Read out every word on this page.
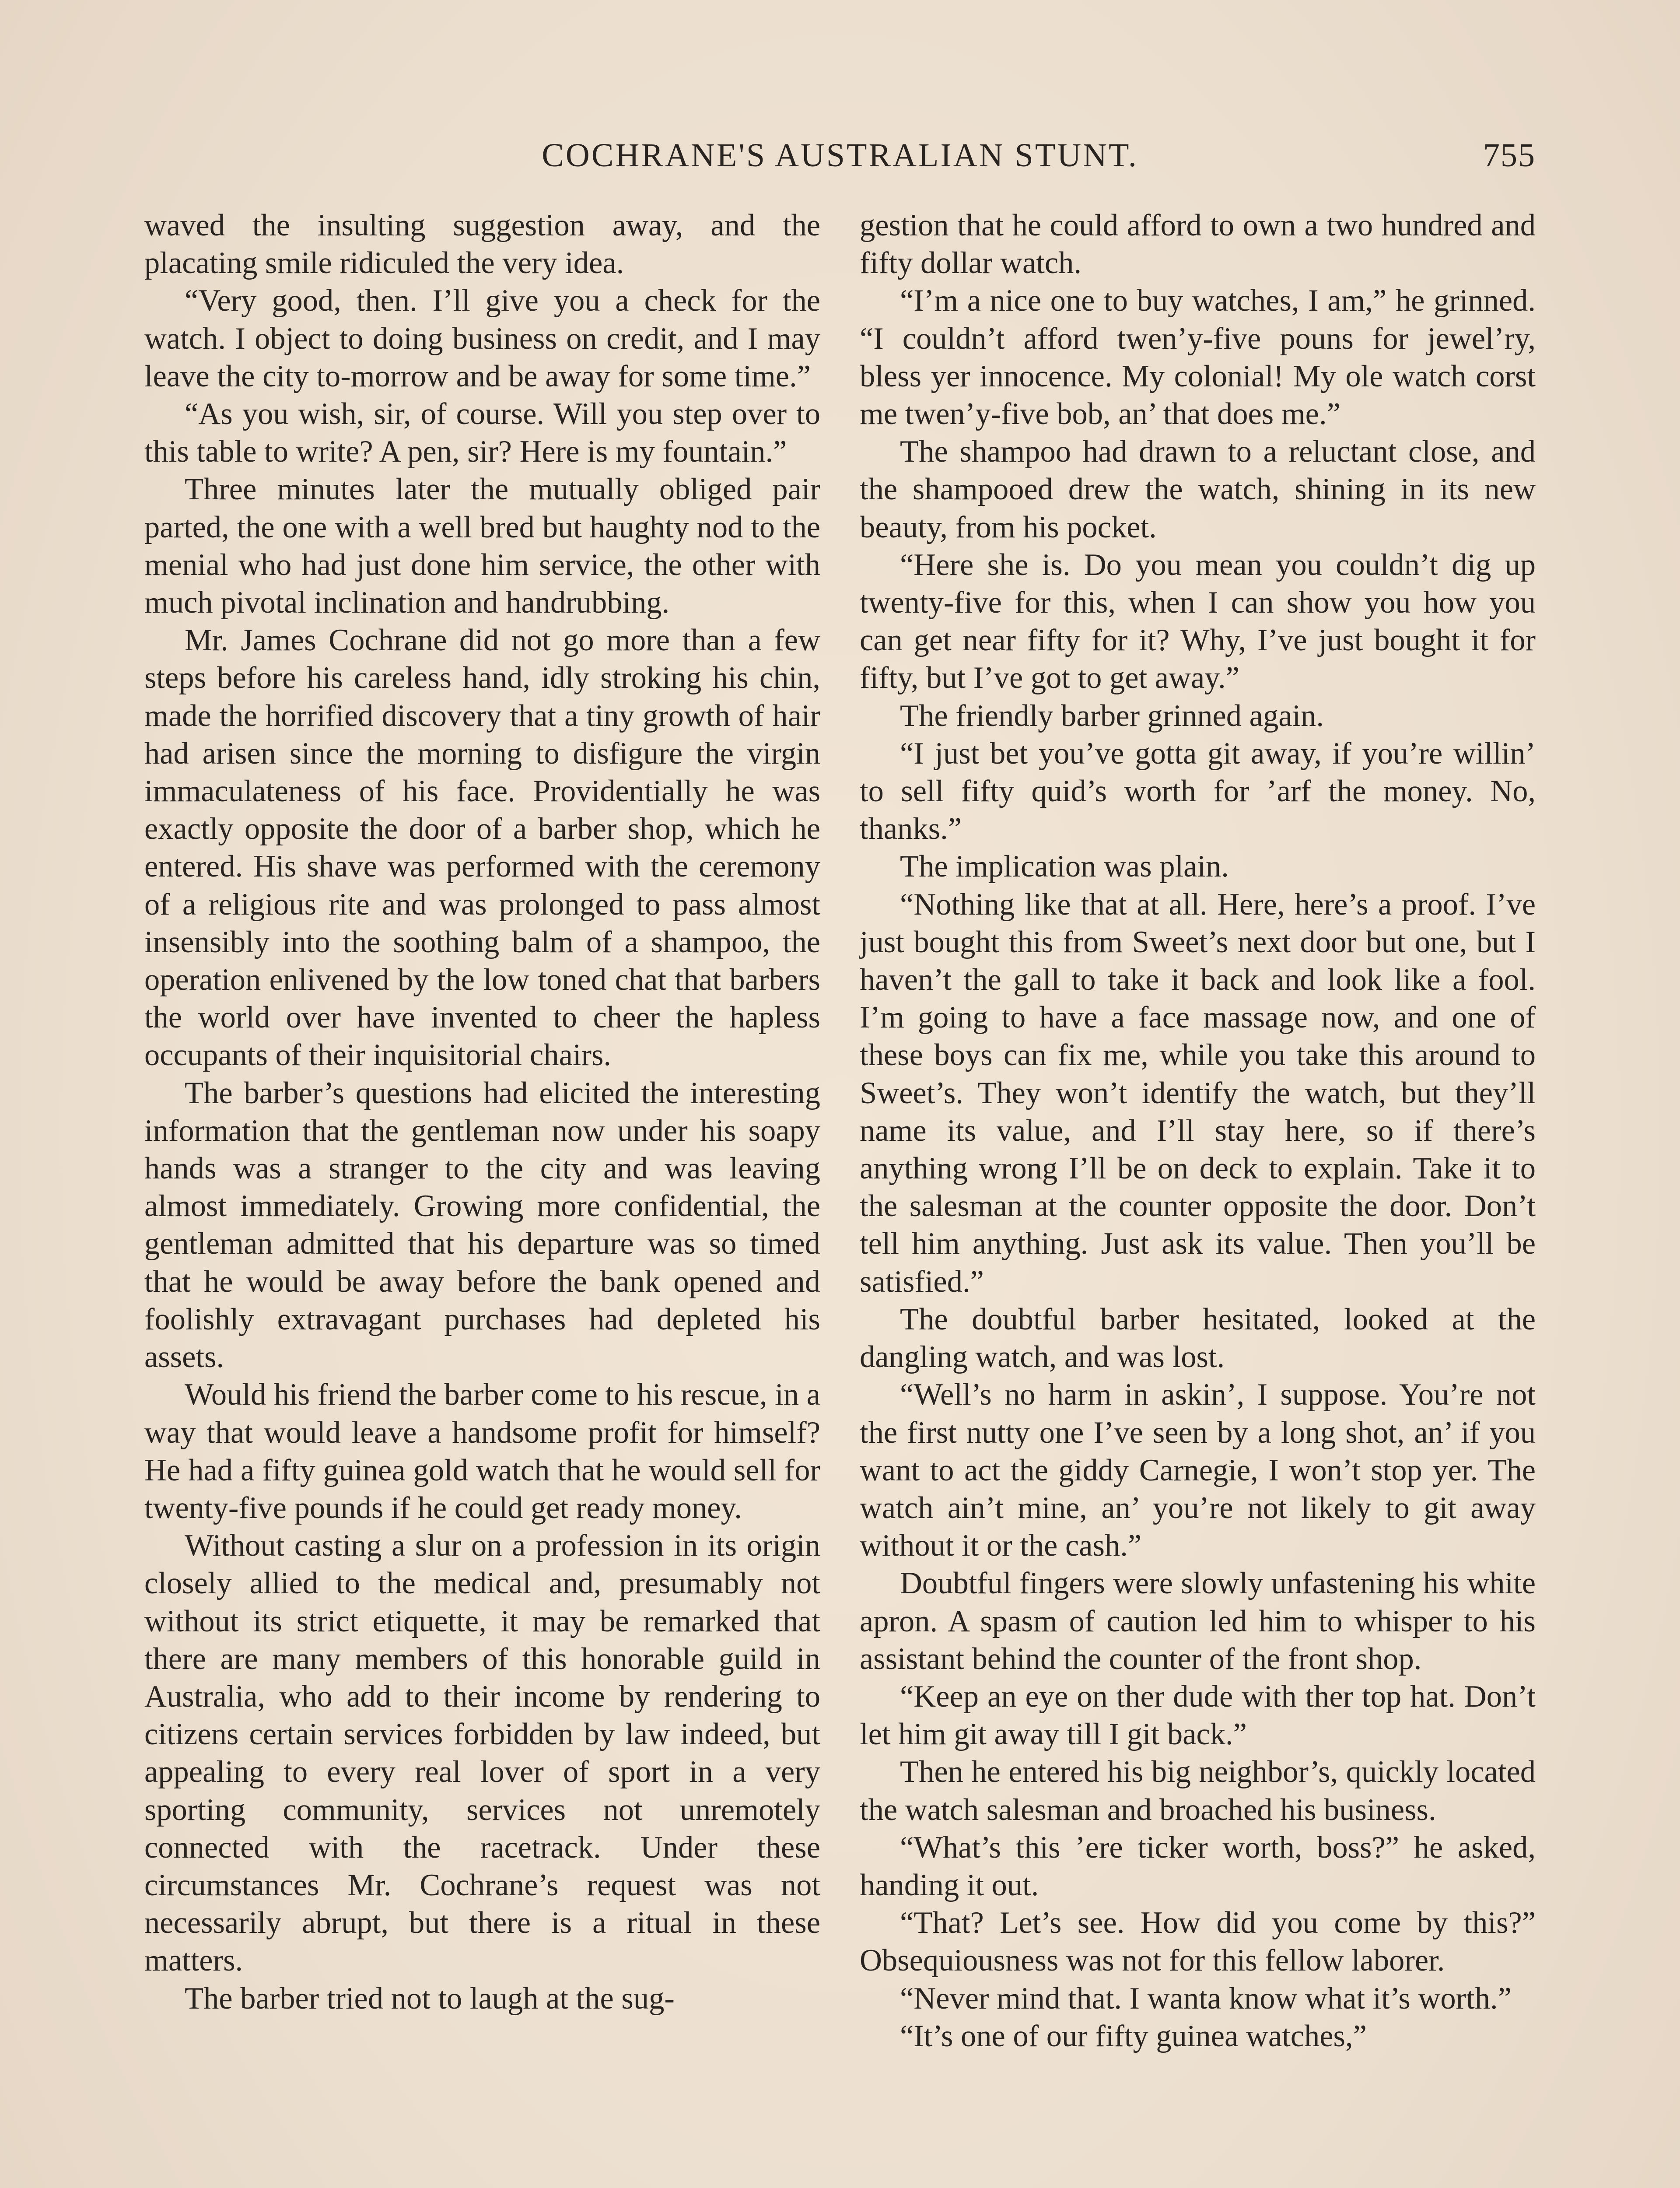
COCHRANE'S AUSTRALIAN STUNT.	755

waved the insulting suggestion away, and the placating smile ridiculed the very idea.

“Very good, then. I’ll give you a check for the watch. I object to doing business on credit, and I may leave the city to-morrow and be away for some time.”

“As you wish, sir, of course. Will you step over to this table to write? A pen, sir? Here is my fountain.”

Three minutes later the mutually obliged pair parted, the one with a well bred but haughty nod to the menial who had just done him service, the other with much pivotal inclination and handrubbing.

Mr. James Cochrane did not go more than a few steps before his careless hand, idly stroking his chin, made the horrified discovery that a tiny growth of hair had arisen since the morning to disfigure the virgin immaculateness of his face. Providentially he was exactly opposite the door of a barber shop, which he entered. His shave was performed with the ceremony of a religious rite and was prolonged to pass almost insensibly into the soothing balm of a shampoo, the operation enlivened by the low toned chat that barbers the world over have invented to cheer the hapless occupants of their inquisitorial chairs.

The barber’s questions had elicited the interesting information that the gentleman now under his soapy hands was a stranger to the city and was leaving almost immediately. Growing more confidential, the gentleman admitted that his departure was so timed that he would be away before the bank opened and foolishly extravagant purchases had depleted his assets.

Would his friend the barber come to his rescue, in a way that would leave a handsome profit for himself? He had a fifty guinea gold watch that he would sell for twenty-five pounds if he could get ready money.

Without casting a slur on a profession in its origin closely allied to the medical and, presumably not without its strict etiquette, it may be remarked that there are many members of this honorable guild in Australia, who add to their income by rendering to citizens certain services forbidden by law indeed, but appealing to every real lover of sport in a very sporting community, services not unremotely connected with the racetrack. Under these circumstances Mr. Cochrane’s request was not necessarily abrupt, but there is a ritual in these matters.

The barber tried not to laugh at the sug-

gestion that he could afford to own a two hundred and fifty dollar watch.

“I’m a nice one to buy watches, I am,” he grinned. “I couldn’t afford twen’y-five pouns for jewel’ry, bless yer innocence. My colonial! My ole watch corst me twen’y-five bob, an’ that does me.”

The shampoo had drawn to a reluctant close, and the shampooed drew the watch, shining in its new beauty, from his pocket.

“Here she is. Do you mean you couldn’t dig up twenty-five for this, when I can show you how you can get near fifty for it? Why, I’ve just bought it for fifty, but I’ve got to get away.”

The friendly barber grinned again.

“I just bet you’ve gotta git away, if you’re willin’ to sell fifty quid’s worth for ’arf the money. No, thanks.”

The implication was plain.

“Nothing like that at all. Here, here’s a proof. I’ve just bought this from Sweet’s next door but one, but I haven’t the gall to take it back and look like a fool. I’m going to have a face massage now, and one of these boys can fix me, while you take this around to Sweet’s. They won’t identify the watch, but they’ll name its value, and I’ll stay here, so if there’s anything wrong I’ll be on deck to explain. Take it to the salesman at the counter opposite the door. Don’t tell him anything. Just ask its value. Then you’ll be satisfied.”

The doubtful barber hesitated, looked at the dangling watch, and was lost.

“Well’s no harm in askin’, I suppose. You’re not the first nutty one I’ve seen by a long shot, an’ if you want to act the giddy Carnegie, I won’t stop yer. The watch ain’t mine, an’ you’re not likely to git away without it or the cash.”

Doubtful fingers were slowly unfastening his white apron. A spasm of caution led him to whisper to his assistant behind the counter of the front shop.

“Keep an eye on ther dude with ther top hat. Don’t let him git away till I git back.”

Then he entered his big neighbor’s, quickly located the watch salesman and broached his business.

“What’s this ’ere ticker worth, boss?” he asked, handing it out.

“That? Let’s see. How did you come by this?” Obsequiousness was not for this fellow laborer.

“Never mind that. I wanta know what it’s worth.”

“It’s one of our fifty guinea watches,”
